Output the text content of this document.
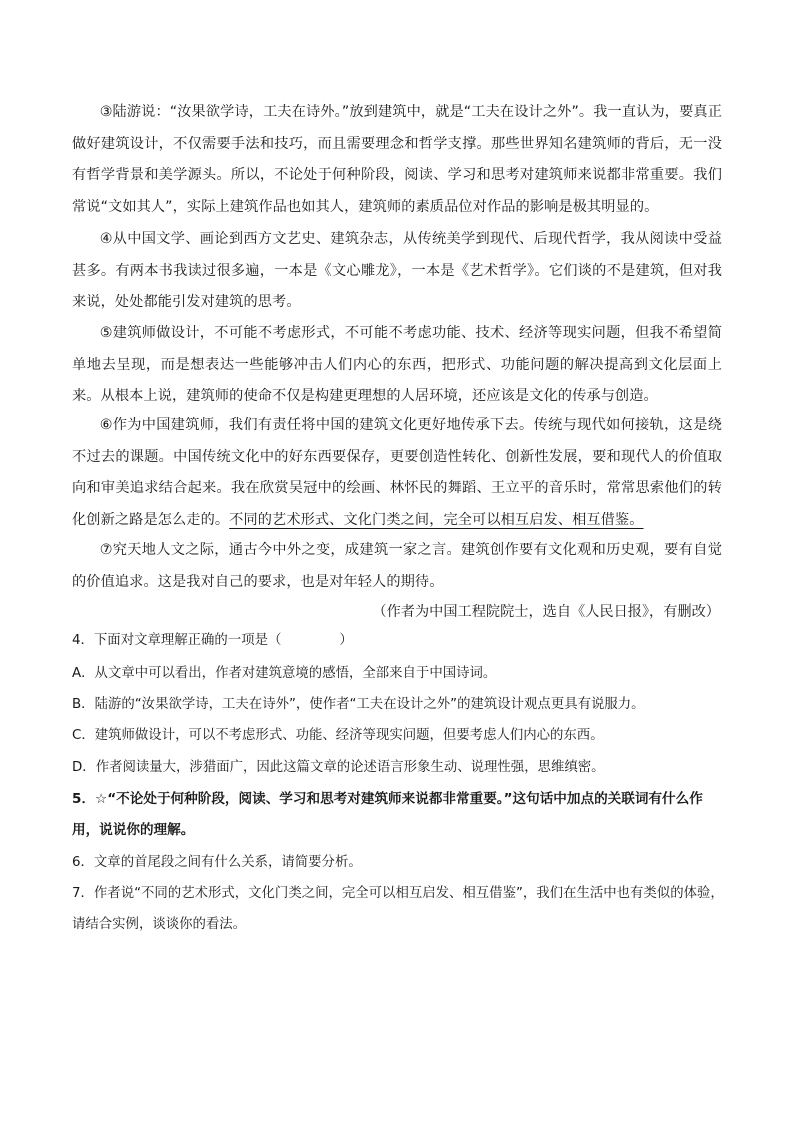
③陆游说：“汝果欲学诗，工夫在诗外。”放到建筑中，就是“工夫在设计之外”。我一直认为，要真正做好建筑设计，不仅需要手法和技巧，而且需要理念和哲学支撑。那些世界知名建筑师的背后，无一没有哲学背景和美学源头。所以，不论处于何种阶段，阅读、学习和思考对建筑师来说都非常重要。我们常说“文如其人”，实际上建筑作品也如其人，建筑师的素质品位对作品的影响是极其明显的。

④从中国文学、画论到西方文艺史、建筑杂志，从传统美学到现代、后现代哲学，我从阅读中受益甚多。有两本书我读过很多遍，一本是《文心雕龙》，一本是《艺术哲学》。它们谈的不是建筑，但对我来说，处处都能引发对建筑的思考。

⑤建筑师做设计，不可能不考虑形式，不可能不考虑功能、技术、经济等现实问题，但我不希望简单地去呈现，而是想表达一些能够冲击人们内心的东西，把形式、功能问题的解决提高到文化层面上来。从根本上说，建筑师的使命不仅是构建更理想的人居环境，还应该是文化的传承与创造。

⑥作为中国建筑师，我们有责任将中国的建筑文化更好地传承下去。传统与现代如何接轨，这是绕不过去的课题。中国传统文化中的好东西要保存，更要创造性转化、创新性发展，要和现代人的价值取向和审美追求结合起来。我在欣赏吴冠中的绘画、林怀民的舞蹈、王立平的音乐时，常常思索他们的转化创新之路是怎么走的。不同的艺术形式、文化门类之间，完全可以相互启发、相互借鉴。

⑦究天地人文之际，通古今中外之变，成建筑一家之言。建筑创作要有文化观和历史观，要有自觉的价值追求。这是我对自己的要求，也是对年轻人的期待。

（作者为中国工程院院士，选自《人民日报》，有删改）

4．下面对文章理解正确的一项是（	）

A．从文章中可以看出，作者对建筑意境的感悟，全部来自于中国诗词。

B．陆游的“汝果欲学诗，工夫在诗外”，使作者“工夫在设计之外”的建筑设计观点更具有说服力。

C．建筑师做设计，可以不考虑形式、功能、经济等现实问题，但要考虑人们内心的东西。

D．作者阅读量大，涉猎面广，因此这篇文章的论述语言形象生动、说理性强，思维缜密。

5．☆“不论处于何种阶段，阅读、学习和思考对建筑师来说都非常重要。”这句话中加点的关联词有什么作用，说说你的理解。

6．文章的首尾段之间有什么关系，请简要分析。

7．作者说“不同的艺术形式，文化门类之间，完全可以相互启发、相互借鉴”，我们在生活中也有类似的体验，请结合实例，谈谈你的看法。
